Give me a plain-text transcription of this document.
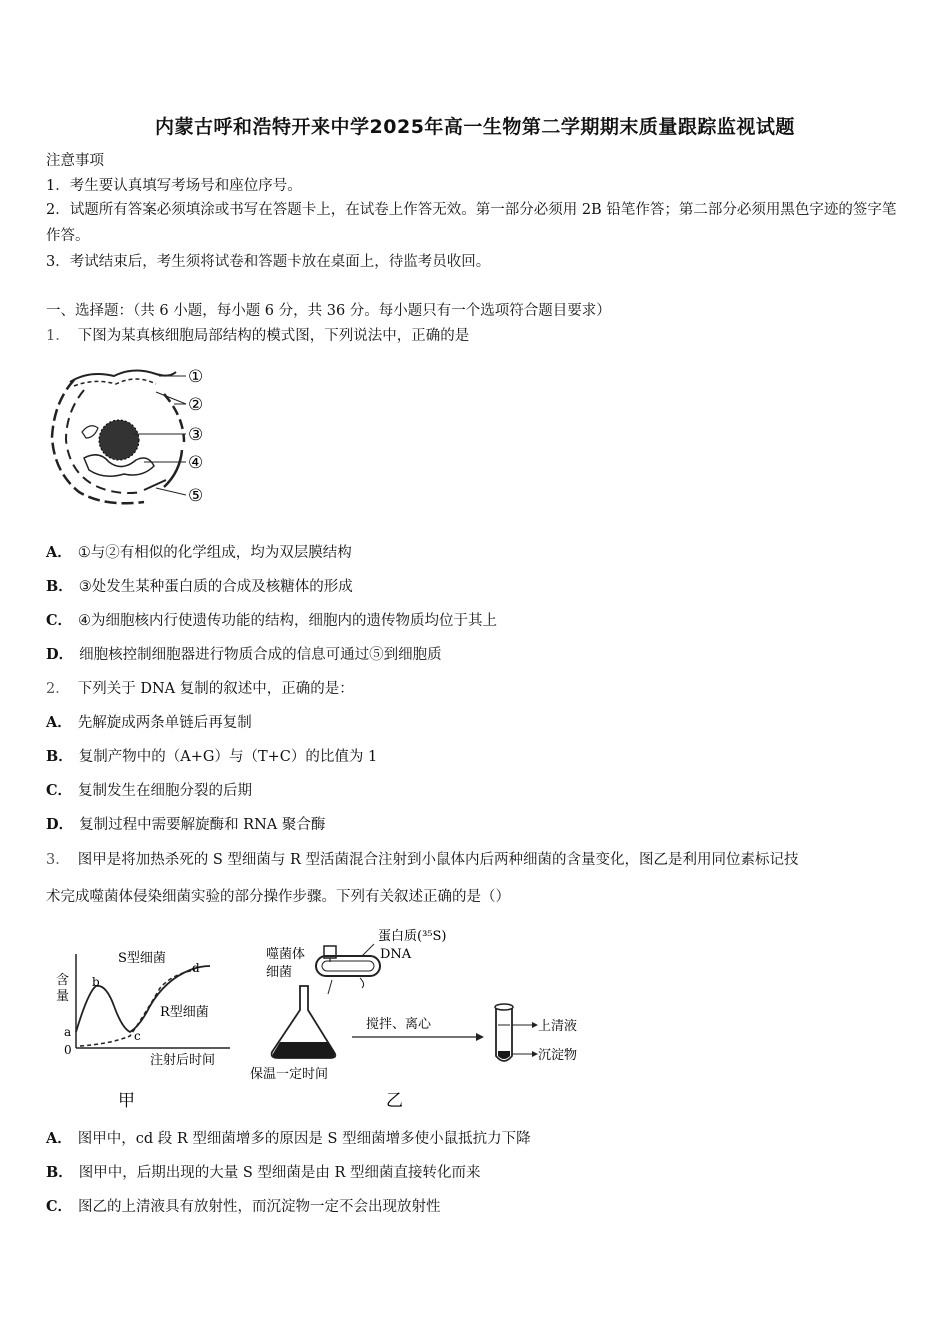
内蒙古呼和浩特开来中学2025年高一生物第二学期期末质量跟踪监视试题
注意事项
1．考生要认真填写考场号和座位序号。
2．试题所有答案必须填涂或书写在答题卡上，在试卷上作答无效。第一部分必须用 2B 铅笔作答；第二部分必须用黑色字迹的签字笔作答。
3．考试结束后，考生须将试卷和答题卡放在桌面上，待监考员收回。
一、选择题：（共 6 小题，每小题 6 分，共 36 分。每小题只有一个选项符合题目要求）
1． 下图为某真核细胞局部结构的模式图，下列说法中，正确的是
①
②
③
④
⑤
A． ①与②有相似的化学组成，均为双层膜结构
B． ③处发生某种蛋白质的合成及核糖体的形成
C． ④为细胞核内行使遗传功能的结构，细胞内的遗传物质均位于其上
D． 细胞核控制细胞器进行物质合成的信息可通过⑤到细胞质
2． 下列关于 DNA 复制的叙述中，正确的是：
A． 先解旋成两条单链后再复制
B． 复制产物中的（A+G）与（T+C）的比值为 1
C． 复制发生在细胞分裂的后期
D． 复制过程中需要解旋酶和 RNA 聚合酶
3． 图甲是将加热杀死的 S 型细菌与 R 型活菌混合注射到小鼠体内后两种细菌的含量变化，图乙是利用同位素标记技
术完成噬菌体侵染细菌实验的部分操作步骤。下列有关叙述正确的是（）
S型细菌
R型细菌
含
量
注射后时间
0
a
b
c
d
甲
噬菌体
细菌
蛋白质(³⁵S)
DNA
保温一定时间
搅拌、离心	上清液
沉淀物
乙
A． 图甲中，cd 段 R 型细菌增多的原因是 S 型细菌增多使小鼠抵抗力下降
B． 图甲中，后期出现的大量 S 型细菌是由 R 型细菌直接转化而来
C． 图乙的上清液具有放射性，而沉淀物一定不会出现放射性
